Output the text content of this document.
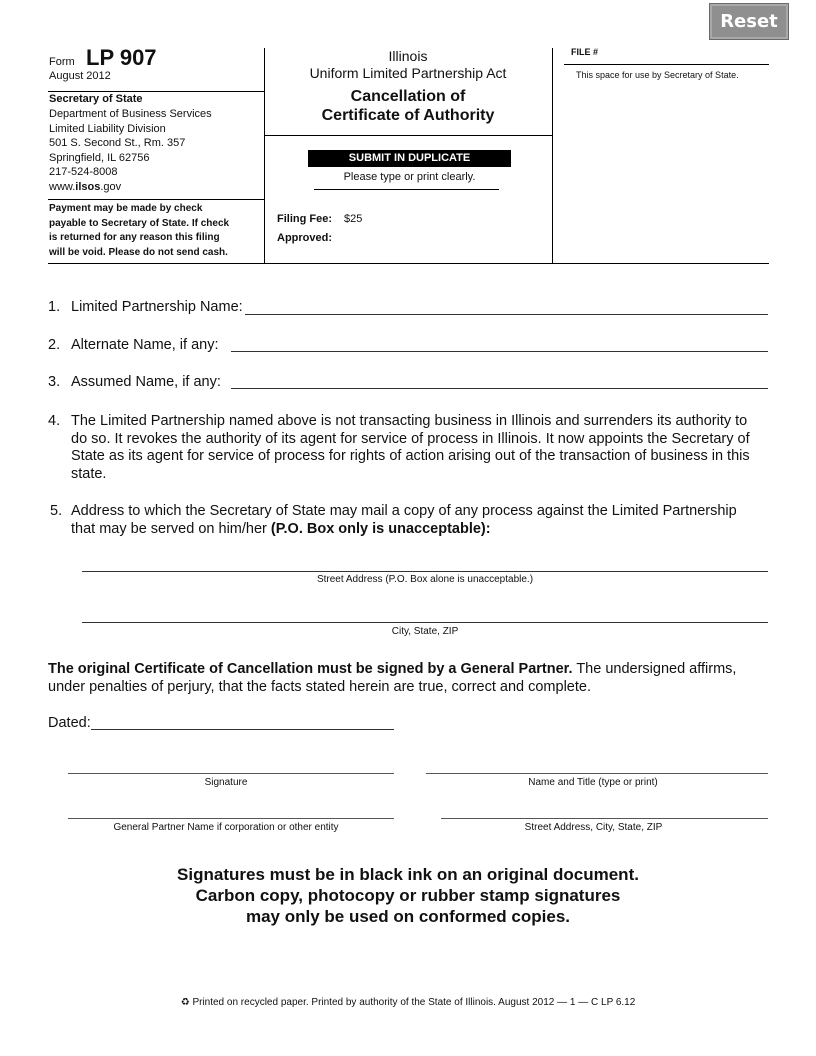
Reset
Form LP 907
August 2012
Secretary of State
Department of Business Services
Limited Liability Division
501 S. Second St., Rm. 357
Springfield, IL 62756
217-524-8008
www.ilsos.gov
Payment may be made by check
payable to Secretary of State. If check
is returned for any reason this filing
will be void. Please do not send cash.
Illinois
Uniform Limited Partnership Act
Cancellation of
Certificate of Authority
SUBMIT IN DUPLICATE
Please type or print clearly.
Filing Fee: $25
Approved:
FILE #
This space for use by Secretary of State.
1. Limited Partnership Name:
2. Alternate Name, if any:
3. Assumed Name, if any:
4. The Limited Partnership named above is not transacting business in Illinois and surrenders its authority to
do so. It revokes the authority of its agent for service of process in Illinois. It now appoints the Secretary of
State as its agent for service of process for rights of action arising out of the transaction of business in this
state.
5. Address to which the Secretary of State may mail a copy of any process against the Limited Partnership
that may be served on him/her (P.O. Box only is unacceptable):
Street Address (P.O. Box alone is unacceptable.)
City, State, ZIP
The original Certificate of Cancellation must be signed by a General Partner. The undersigned affirms,
under penalties of perjury, that the facts stated herein are true, correct and complete.
Dated:
Signature	Name and Title (type or print)
General Partner Name if corporation or other entity	Street Address, City, State, ZIP
Signatures must be in black ink on an original document.
Carbon copy, photocopy or rubber stamp signatures
may only be used on conformed copies.
♻ Printed on recycled paper. Printed by authority of the State of Illinois. August 2012 — 1 — C LP 6.12
